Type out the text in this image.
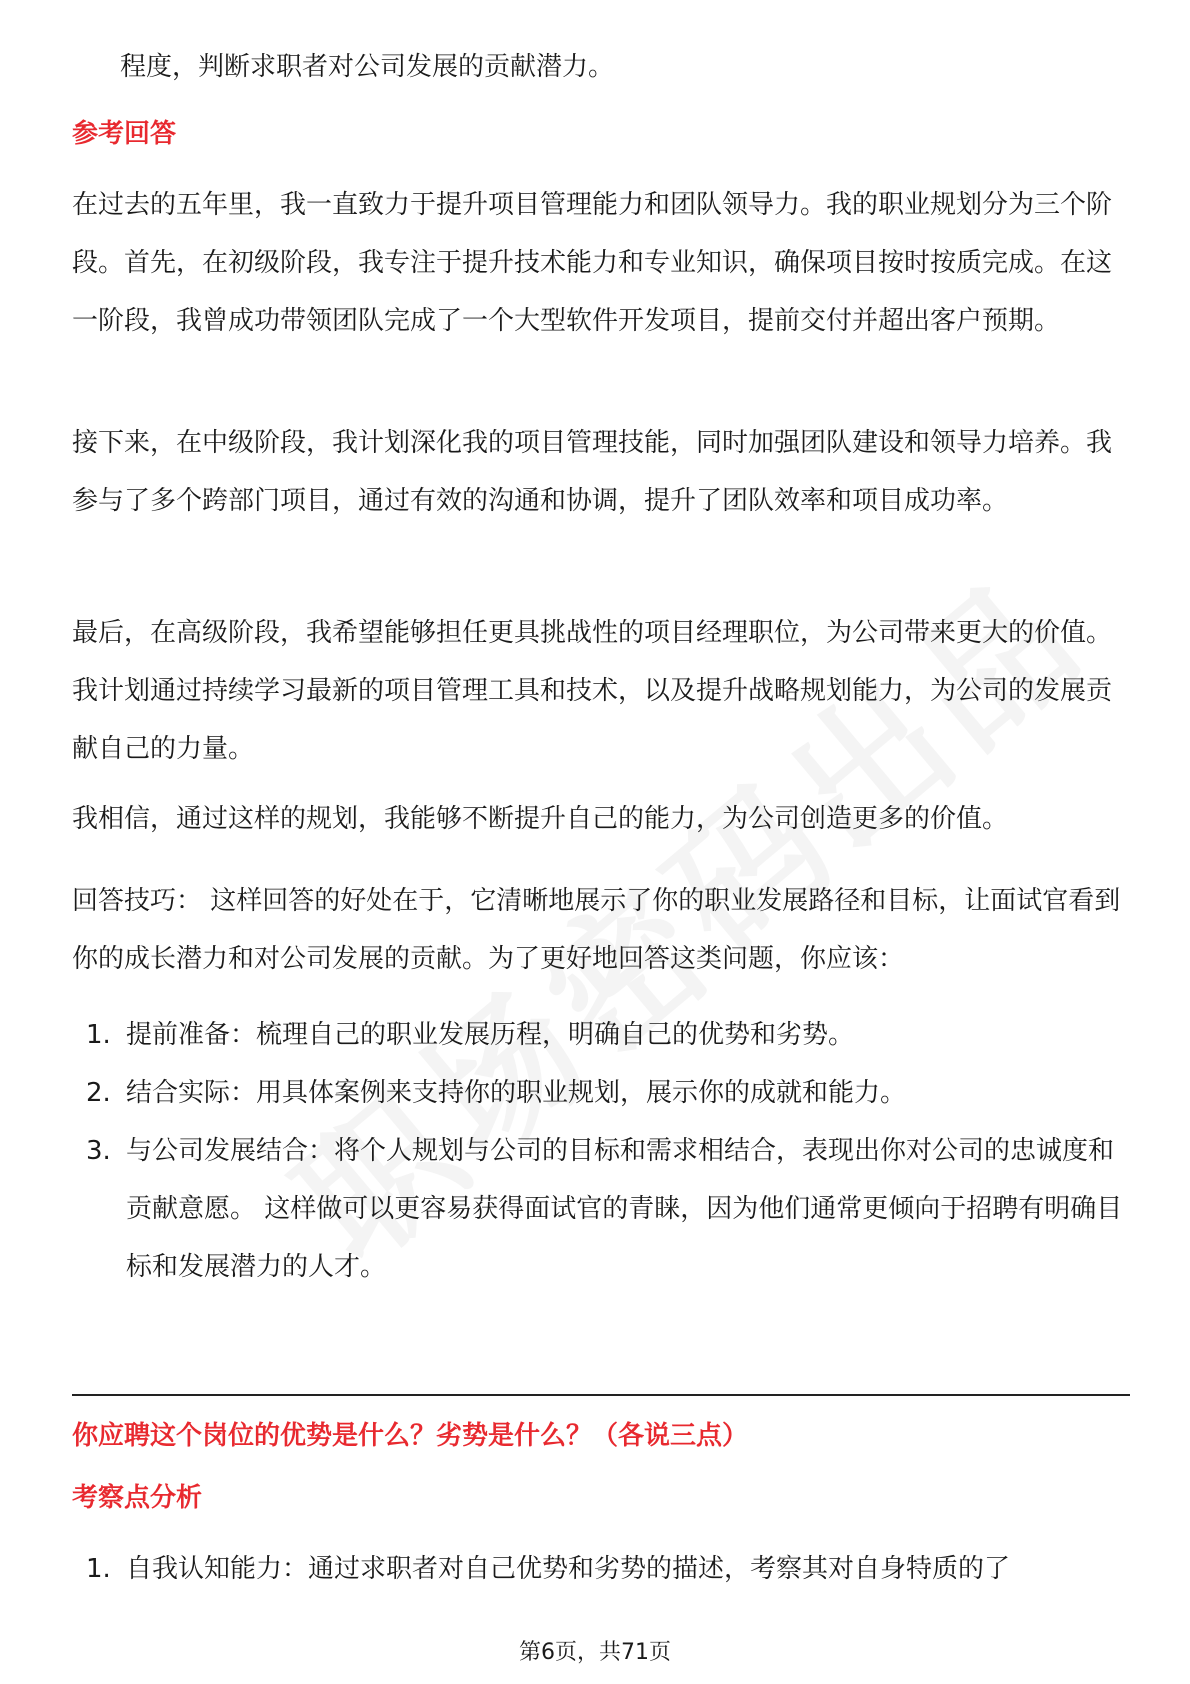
程度，判断求职者对公司发展的贡献潜力。

参考回答

在过去的五年里，我一直致力于提升项目管理能力和团队领导力。我的职业规划分为三个阶段。首先，在初级阶段，我专注于提升技术能力和专业知识，确保项目按时按质完成。在这一阶段，我曾成功带领团队完成了一个大型软件开发项目，提前交付并超出客户预期。

接下来，在中级阶段，我计划深化我的项目管理技能，同时加强团队建设和领导力培养。我参与了多个跨部门项目，通过有效的沟通和协调，提升了团队效率和项目成功率。

最后，在高级阶段，我希望能够担任更具挑战性的项目经理职位，为公司带来更大的价值。我计划通过持续学习最新的项目管理工具和技术，以及提升战略规划能力，为公司的发展贡献自己的力量。

我相信，通过这样的规划，我能够不断提升自己的能力，为公司创造更多的价值。

回答技巧： 这样回答的好处在于，它清晰地展示了你的职业发展路径和目标，让面试官看到你的成长潜力和对公司发展的贡献。为了更好地回答这类问题，你应该：

1. 提前准备：梳理自己的职业发展历程，明确自己的优势和劣势。
2. 结合实际：用具体案例来支持你的职业规划，展示你的成就和能力。
3. 与公司发展结合：将个人规划与公司的目标和需求相结合，表现出你对公司的忠诚度和贡献意愿。 这样做可以更容易获得面试官的青睐，因为他们通常更倾向于招聘有明确目标和发展潜力的人才。
你应聘这个岗位的优势是什么？劣势是什么？（各说三点）
考察点分析
1. 自我认知能力：通过求职者对自己优势和劣势的描述，考察其对自身特质的了
第6页，共71页
